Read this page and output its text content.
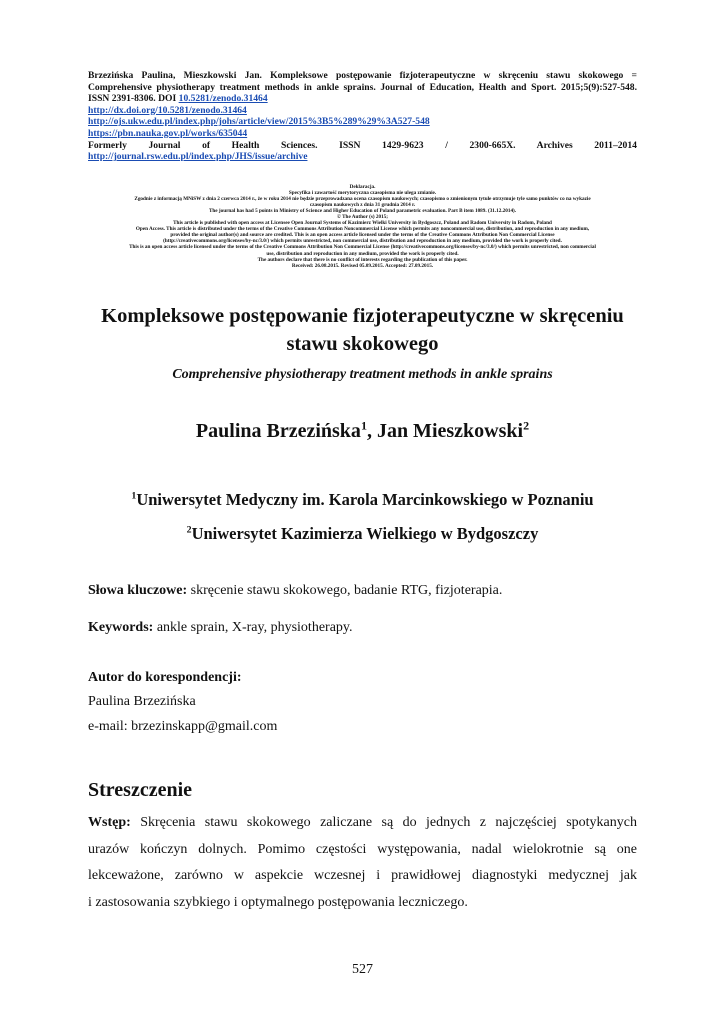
Brzezińska Paulina, Mieszkowski Jan. Kompleksowe postępowanie fizjoterapeutyczne w skręceniu stawu skokowego =
Comprehensive physiotherapy treatment methods in ankle sprains. Journal of Education, Health and Sport. 2015;5(9):527-548.
ISSN 2391-8306. DOI 10.5281/zenodo.31464
http://dx.doi.org/10.5281/zenodo.31464
http://ojs.ukw.edu.pl/index.php/johs/article/view/2015%3B5%289%29%3A527-548
https://pbn.nauka.gov.pl/works/635044
Formerly Journal of Health Sciences. ISSN 1429-9623 / 2300-665X. Archives 2011–2014
http://journal.rsw.edu.pl/index.php/JHS/issue/archive
Deklaracja.
Specyfika i zawartość merytoryczna czasopisma nie ulega zmianie.
Zgodnie z informacją MNiSW z dnia 2 czerwca 2014 r., że w roku 2014 nie będzie przeprowadzana ocena czasopism naukowych; czasopismo o zmienionym tytule otrzymuje tyle samo punktów co na wykazie
czasopism naukowych z dnia 31 grudnia 2014 r.
The journal has had 5 points in Ministry of Science and Higher Education of Poland parametric evaluation. Part B item 1089. (31.12.2014).
© The Author (s) 2015;
This article is published with open access at Licensee Open Journal Systems of Kazimierz Wielki University in Bydgoszcz, Poland and Radom University in Radom, Poland
Open Access. This article is distributed under the terms of the Creative Commons Attribution Noncommercial License which permits any noncommercial use, distribution, and reproduction in any medium,
provided the original author(s) and source are credited. This is an open access article licensed under the terms of the Creative Commons Attribution Non Commercial License
(http://creativecommons.org/licenses/by-nc/3.0/) which permits unrestricted, non commercial use, distribution and reproduction in any medium, provided the work is properly cited.
This is an open access article licensed under the terms of the Creative Commons Attribution Non Commercial License (http://creativecommons.org/licenses/by-nc/3.0/) which permits unrestricted, non commercial
use, distribution and reproduction in any medium, provided the work is properly cited.
The authors declare that there is no conflict of interests regarding the publication of this paper.
Received: 26.08.2015. Revised 05.09.2015. Accepted: 27.09.2015.
Kompleksowe postępowanie fizjoterapeutyczne w skręceniu stawu skokowego
Comprehensive physiotherapy treatment methods in ankle sprains
Paulina Brzezińska$^1$, Jan Mieszkowski$^2$
$^1$Uniwersytet Medyczny im. Karola Marcinkowskiego w Poznaniu
$^2$Uniwersytet Kazimierza Wielkiego w Bydgoszczy
Słowa kluczowe: skręcenie stawu skokowego, badanie RTG, fizjoterapia.
Keywords: ankle sprain, X-ray, physiotherapy.
Autor do korespondencji:
Paulina Brzezińska
e-mail: brzezinskapp@gmail.com
Streszczenie
Wstęp: Skręcenia stawu skokowego zaliczane są do jednych z najczęściej spotykanych
urazów kończyn dolnych. Pomimo częstości występowania, nadal wielokrotnie są one
lekceważone, zarówno w aspekcie wczesnej i prawidłowej diagnostyki medycznej jak
i zastosowania szybkiego i optymalnego postępowania leczniczego.
527
